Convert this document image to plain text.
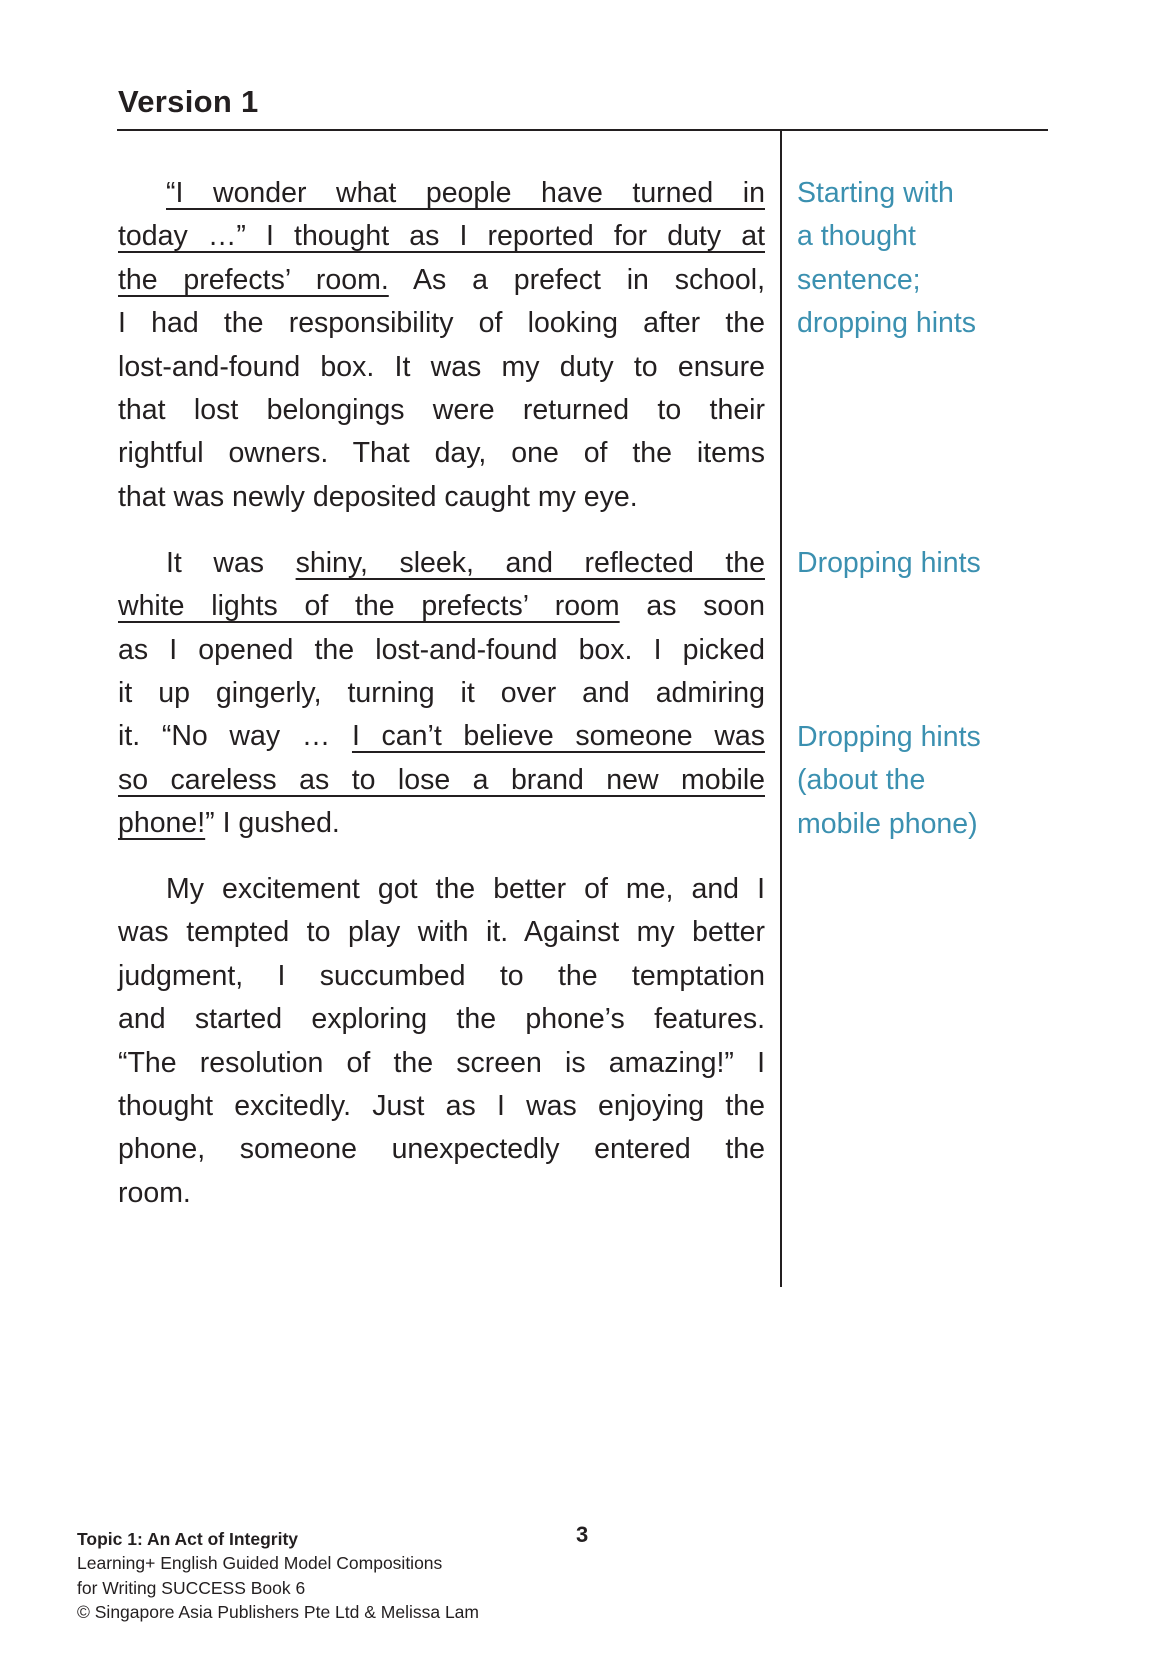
Version 1
“I wonder what people have turned in
today …” I thought as I reported for duty at
the prefects’ room. As a prefect in school,
I had the responsibility of looking after the
lost-and-found box. It was my duty to ensure
that lost belongings were returned to their
rightful owners. That day, one of the items
that was newly deposited caught my eye.
It was shiny, sleek, and reflected the
white lights of the prefects’ room as soon
as I opened the lost-and-found box. I picked
it up gingerly, turning it over and admiring
it. “No way … I can’t believe someone was
so careless as to lose a brand new mobile
phone!” I gushed.
My excitement got the better of me, and I
was tempted to play with it. Against my better
judgment, I succumbed to the temptation
and started exploring the phone’s features.
“The resolution of the screen is amazing!” I
thought excitedly. Just as I was enjoying the
phone, someone unexpectedly entered the
room.
Starting with
a thought
sentence;
dropping hints
Dropping hints
Dropping hints
(about the
mobile phone)
Topic 1: An Act of Integrity
Learning+ English Guided Model Compositions
for Writing SUCCESS Book 6
© Singapore Asia Publishers Pte Ltd & Melissa Lam
3
